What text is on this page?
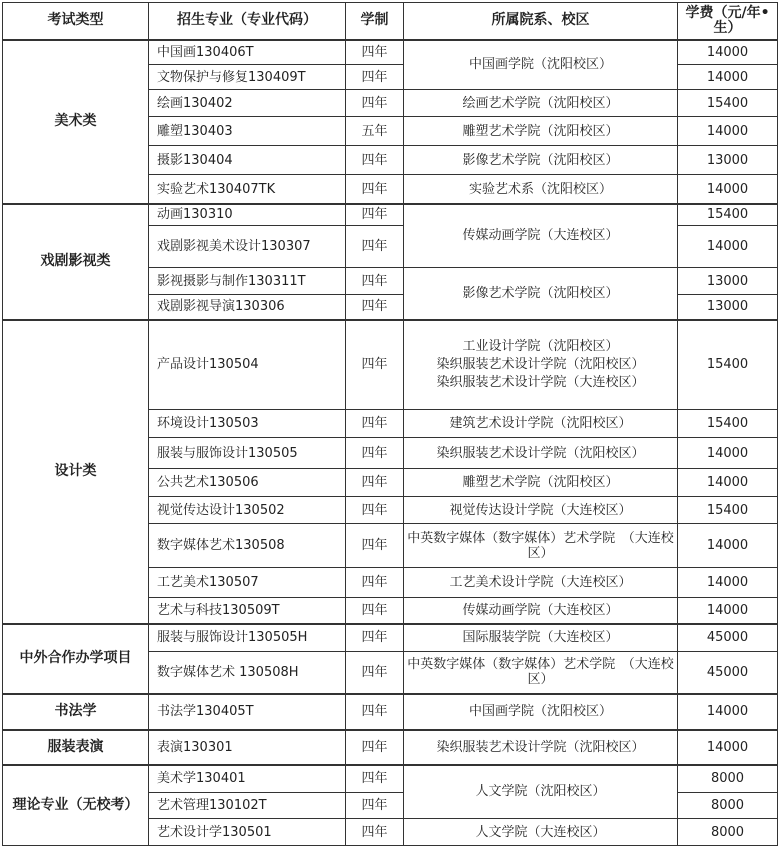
考试类型	招生专业（专业代码）	学制	所属院系、校区	学费（元/年•生）
美术类	中国画130406T	四年	中国画学院（沈阳校区）	14000
	文物保护与修复130409T	四年		14000
	绘画130402	四年	绘画艺术学院（沈阳校区）	15400
	雕塑130403	五年	雕塑艺术学院（沈阳校区）	14000
	摄影130404	四年	影像艺术学院（沈阳校区）	13000
	实验艺术130407TK	四年	实验艺术系（沈阳校区）	14000

戏剧影视类	动画130310	四年	传媒动画学院（大连校区）	15400
	戏剧影视美术设计130307	四年		14000
	影视摄影与制作130311T	四年	影像艺术学院（沈阳校区）	13000
	戏剧影视导演130306	四年		13000
设计类	产品设计130504	四年	工业设计学院（沈阳校区）
染织服装艺术设计学院（沈阳校区）
染织服装艺术设计学院（大连校区）	15400
	环境设计130503	四年	建筑艺术设计学院（沈阳校区）	15400
	服装与服饰设计130505	四年	染织服装艺术设计学院（沈阳校区）	14000
	公共艺术130506	四年	雕塑艺术学院（沈阳校区）	14000
	视觉传达设计130502	四年	视觉传达设计学院（大连校区）	15400
	数字媒体艺术130508	四年	中英数字媒体（数字媒体）艺术学院　（大连校区）	14000
	工艺美术130507	四年	工艺美术设计学院（大连校区）	14000
	艺术与科技130509T	四年	传媒动画学院（大连校区）	14000
中外合作办学项目	服装与服饰设计130505H	四年	国际服装学院（大连校区）	45000
	数字媒体艺术 130508H	四年	中英数字媒体（数字媒体）艺术学院　（大连校区）	45000
书法学	书法学130405T	四年	中国画学院（沈阳校区）	14000
服装表演	表演130301	四年	染织服装艺术设计学院（沈阳校区）	14000
理论专业（无校考）	美术学130401	四年	人文学院（沈阳校区）	8000
	艺术管理130102T	四年		8000
	艺术设计学130501	四年	人文学院（大连校区）	8000
